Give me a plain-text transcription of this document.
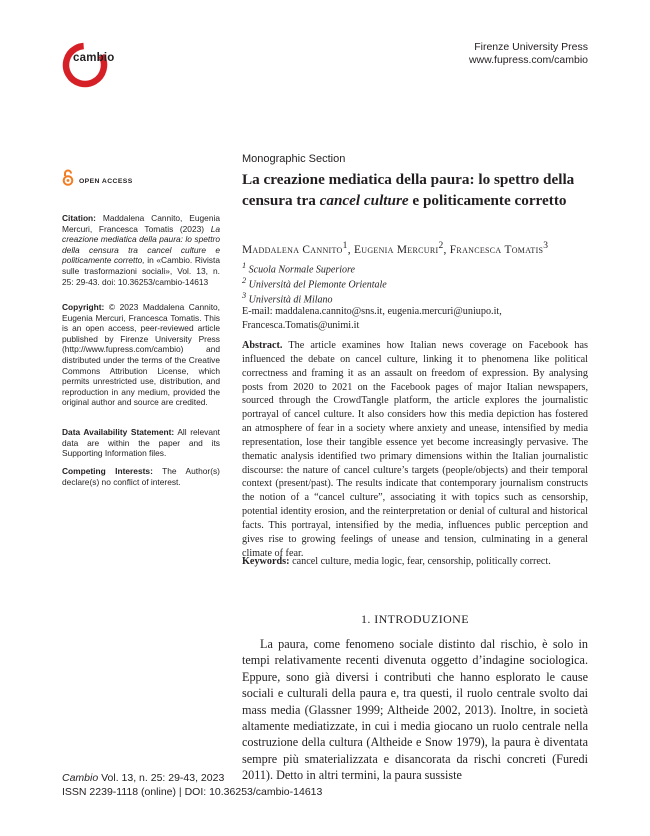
cambio
Firenze University Press
www.fupress.com/cambio
OPEN ACCESS
Citation: Maddalena Cannito, Eugenia Mercuri, Francesca Tomatis (2023) La creazione mediatica della paura: lo spettro della censura tra cancel culture e politicamente corretto, in «Cambio. Rivista sulle trasformazioni sociali», Vol. 13, n. 25: 29-43. doi: 10.36253/cambio-14613
Copyright: © 2023 Maddalena Cannito, Eugenia Mercuri, Francesca Tomatis. This is an open access, peer-reviewed article published by Firenze University Press (http://www.fupress.com/cambio) and distributed under the terms of the Creative Commons Attribution License, which permits unrestricted use, distribution, and reproduction in any medium, provided the original author and source are credited.
Data Availability Statement: All relevant data are within the paper and its Supporting Information files.
Competing Interests: The Author(s) declare(s) no conflict of interest.
Monographic Section
La creazione mediatica della paura: lo spettro della censura tra cancel culture e politicamente corretto
Maddalena Cannito$^1$, Eugenia Mercuri$^2$, Francesca Tomatis$^3$
$^1$ Scuola Normale Superiore
$^2$ Università del Piemonte Orientale
$^3$ Università di Milano
E-mail: maddalena.cannito@sns.it, eugenia.mercuri@uniupo.it, Francesca.Tomatis@unimi.it
Abstract. The article examines how Italian news coverage on Facebook has influenced the debate on cancel culture, linking it to phenomena like political correctness and framing it as an assault on freedom of expression. By analysing posts from 2020 to 2021 on the Facebook pages of major Italian newspapers, sourced through the CrowdTangle platform, the article explores the journalistic portrayal of cancel culture. It also considers how this media depiction has fostered an atmosphere of fear in a society where anxiety and unease, intensified by media representation, lose their tangible essence yet become increasingly pervasive. The thematic analysis identified two primary dimensions within the Italian journalistic discourse: the nature of cancel culture’s targets (people/objects) and their temporal context (present/past). The results indicate that contemporary journalism constructs the notion of a “cancel culture”, associating it with topics such as censorship, potential identity erosion, and the reinterpretation or denial of cultural and historical facts. This portrayal, intensified by the media, influences public perception and gives rise to growing feelings of unease and tension, culminating in a general climate of fear.
Keywords: cancel culture, media logic, fear, censorship, politically correct.
1. INTRODUZIONE
La paura, come fenomeno sociale distinto dal rischio, è solo in tempi relativamente recenti divenuta oggetto d’indagine sociologica. Eppure, sono già diversi i contributi che hanno esplorato le cause sociali e culturali della paura e, tra questi, il ruolo centrale svolto dai mass media (Glassner 1999; Altheide 2002, 2013). Inoltre, in società altamente mediatizzate, in cui i media giocano un ruolo centrale nella costruzione della cultura (Altheide e Snow 1979), la paura è diventata sempre più smaterializzata e disancorata da rischi concreti (Furedi 2011). Detto in altri termini, la paura sussiste
Cambio Vol. 13, n. 25: 29-43, 2023
ISSN 2239-1118 (online) | DOI: 10.36253/cambio-14613
